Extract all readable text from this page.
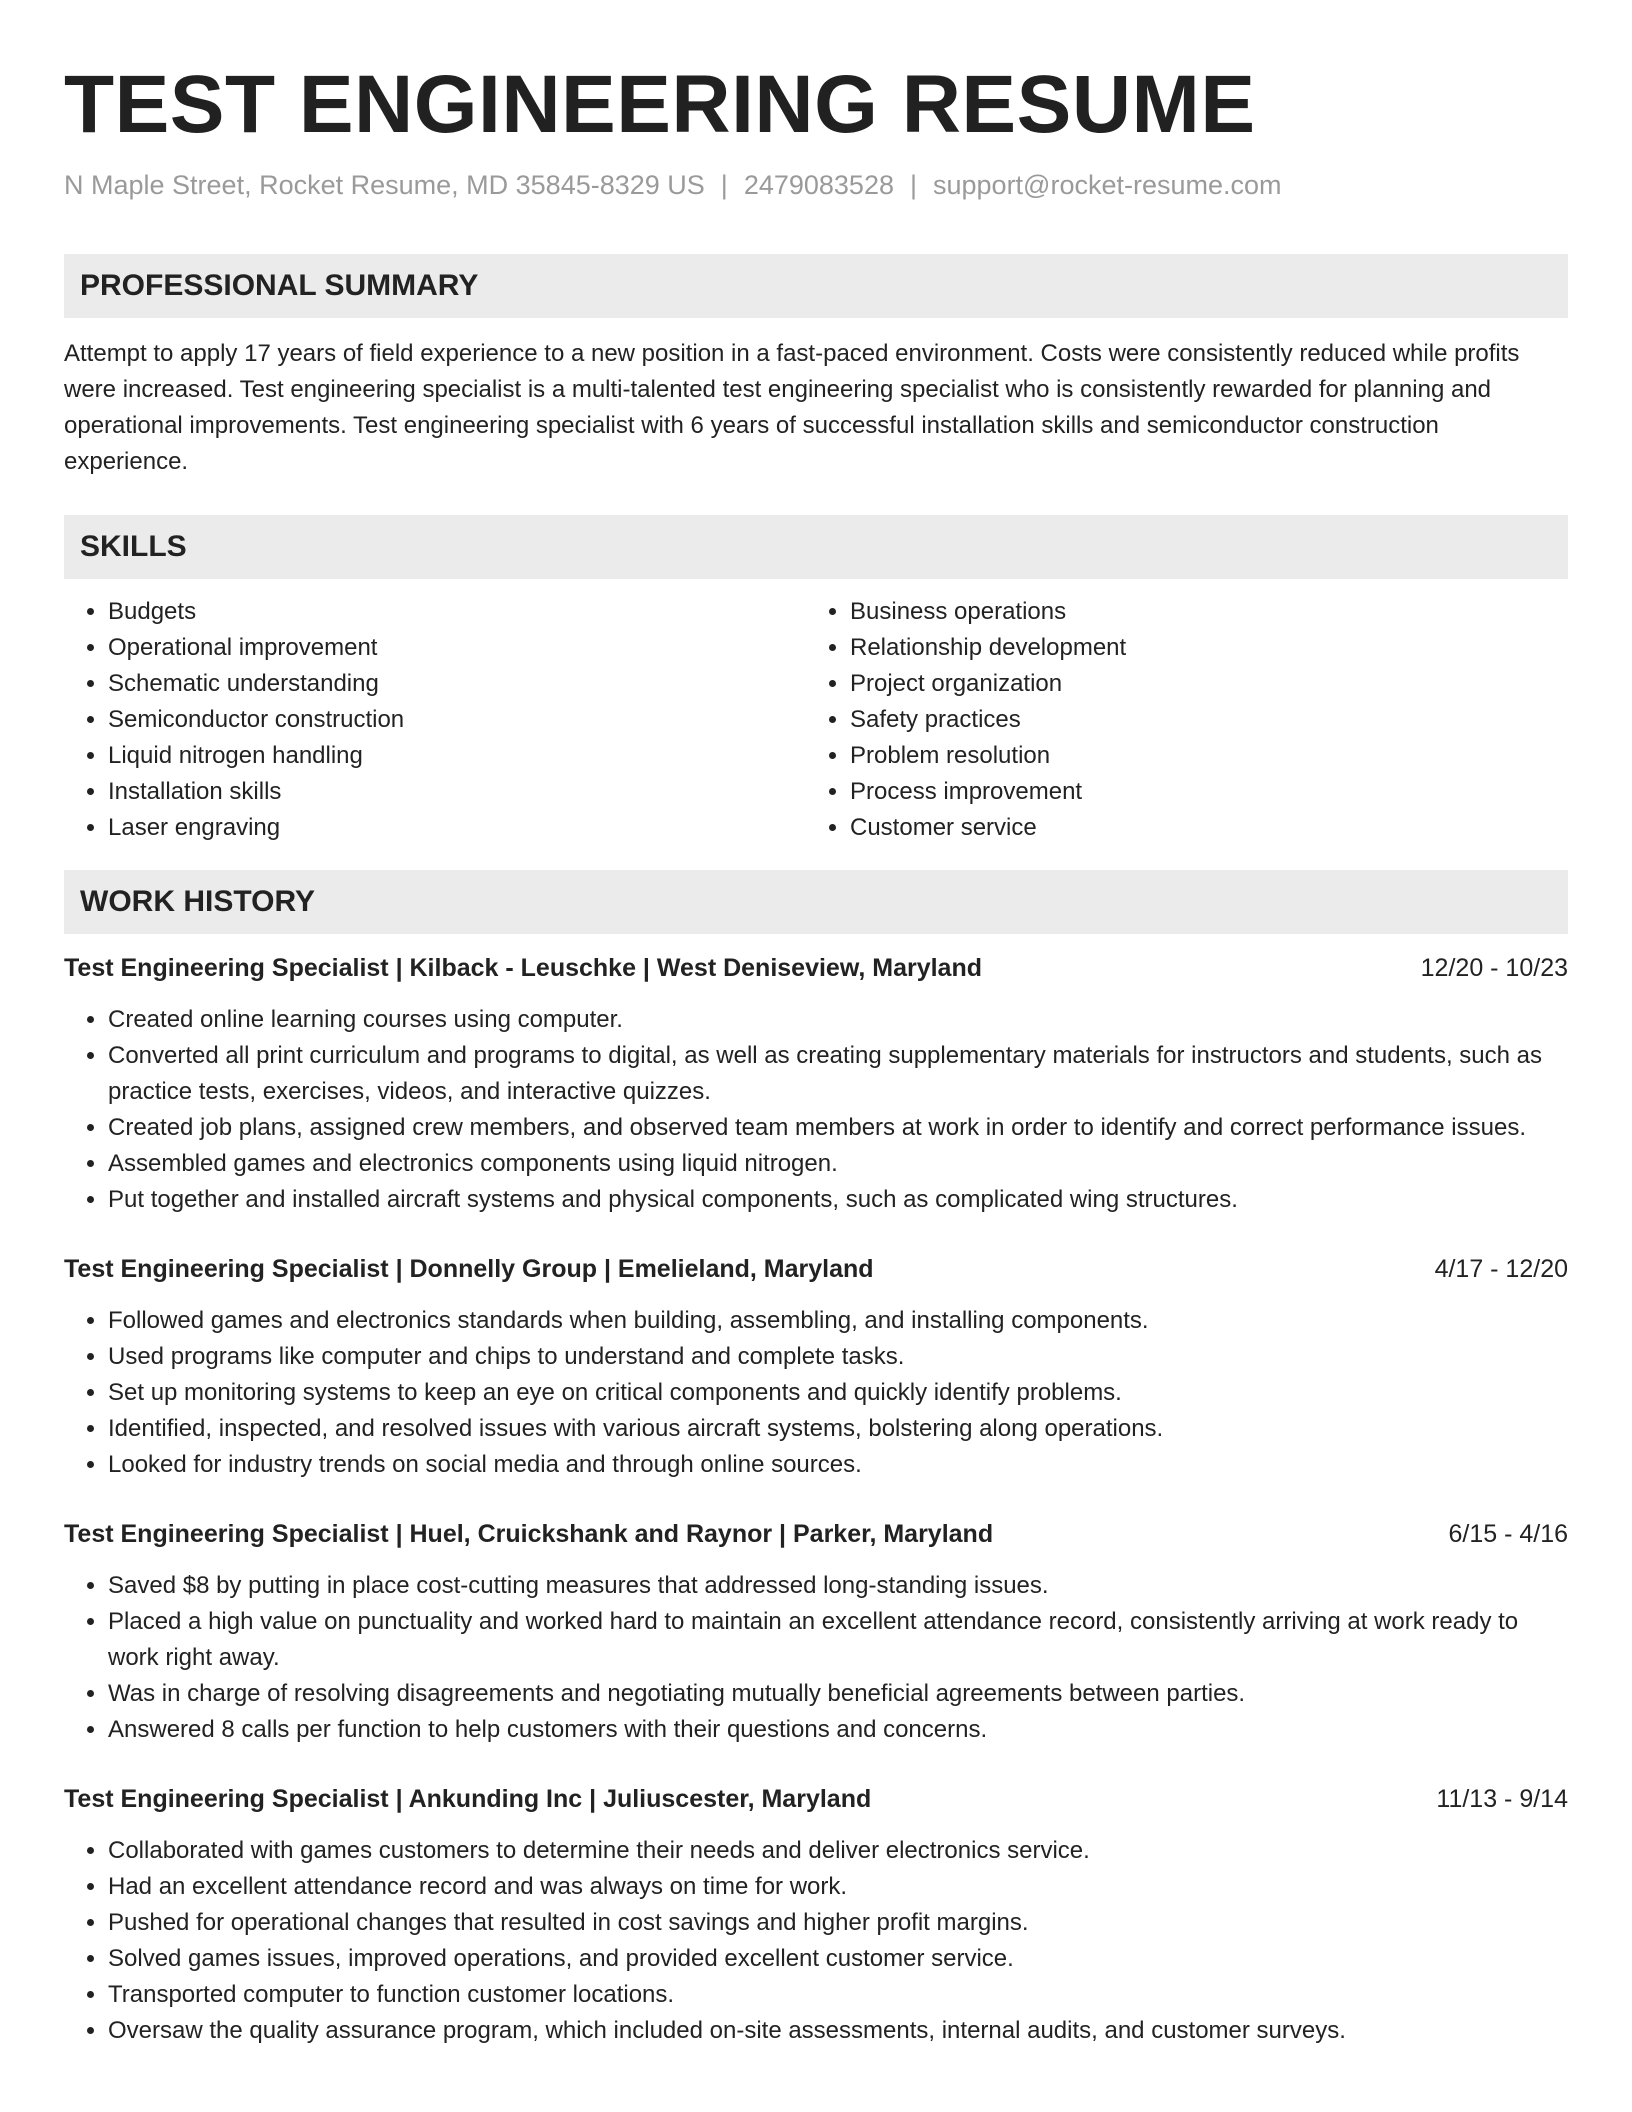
TEST ENGINEERING RESUME
N Maple Street, Rocket Resume, MD 35845-8329 US | 2479083528 | support@rocket-resume.com
PROFESSIONAL SUMMARY

Attempt to apply 17 years of field experience to a new position in a fast-paced environment. Costs were consistently reduced while profits were increased. Test engineering specialist is a multi-talented test engineering specialist who is consistently rewarded for planning and operational improvements. Test engineering specialist with 6 years of successful installation skills and semiconductor construction experience.

SKILLS
• Budgets
• Operational improvement
• Schematic understanding
• Semiconductor construction
• Liquid nitrogen handling
• Installation skills
• Laser engraving
• Business operations
• Relationship development
• Project organization
• Safety practices
• Problem resolution
• Process improvement
• Customer service
WORK HISTORY
Test Engineering Specialist | Kilback - Leuschke | West Deniseview, Maryland	12/20 - 10/23
• Created online learning courses using computer.
• Converted all print curriculum and programs to digital, as well as creating supplementary materials for instructors and students, such as practice tests, exercises, videos, and interactive quizzes.
• Created job plans, assigned crew members, and observed team members at work in order to identify and correct performance issues.
• Assembled games and electronics components using liquid nitrogen.
• Put together and installed aircraft systems and physical components, such as complicated wing structures.
Test Engineering Specialist | Donnelly Group | Emelieland, Maryland	4/17 - 12/20
• Followed games and electronics standards when building, assembling, and installing components.
• Used programs like computer and chips to understand and complete tasks.
• Set up monitoring systems to keep an eye on critical components and quickly identify problems.
• Identified, inspected, and resolved issues with various aircraft systems, bolstering along operations.
• Looked for industry trends on social media and through online sources.
Test Engineering Specialist | Huel, Cruickshank and Raynor | Parker, Maryland	6/15 - 4/16
• Saved $8 by putting in place cost-cutting measures that addressed long-standing issues.
• Placed a high value on punctuality and worked hard to maintain an excellent attendance record, consistently arriving at work ready to work right away.
• Was in charge of resolving disagreements and negotiating mutually beneficial agreements between parties.
• Answered 8 calls per function to help customers with their questions and concerns.
Test Engineering Specialist | Ankunding Inc | Juliuscester, Maryland	11/13 - 9/14
• Collaborated with games customers to determine their needs and deliver electronics service.
• Had an excellent attendance record and was always on time for work.
• Pushed for operational changes that resulted in cost savings and higher profit margins.
• Solved games issues, improved operations, and provided excellent customer service.
• Transported computer to function customer locations.
• Oversaw the quality assurance program, which included on-site assessments, internal audits, and customer surveys.
